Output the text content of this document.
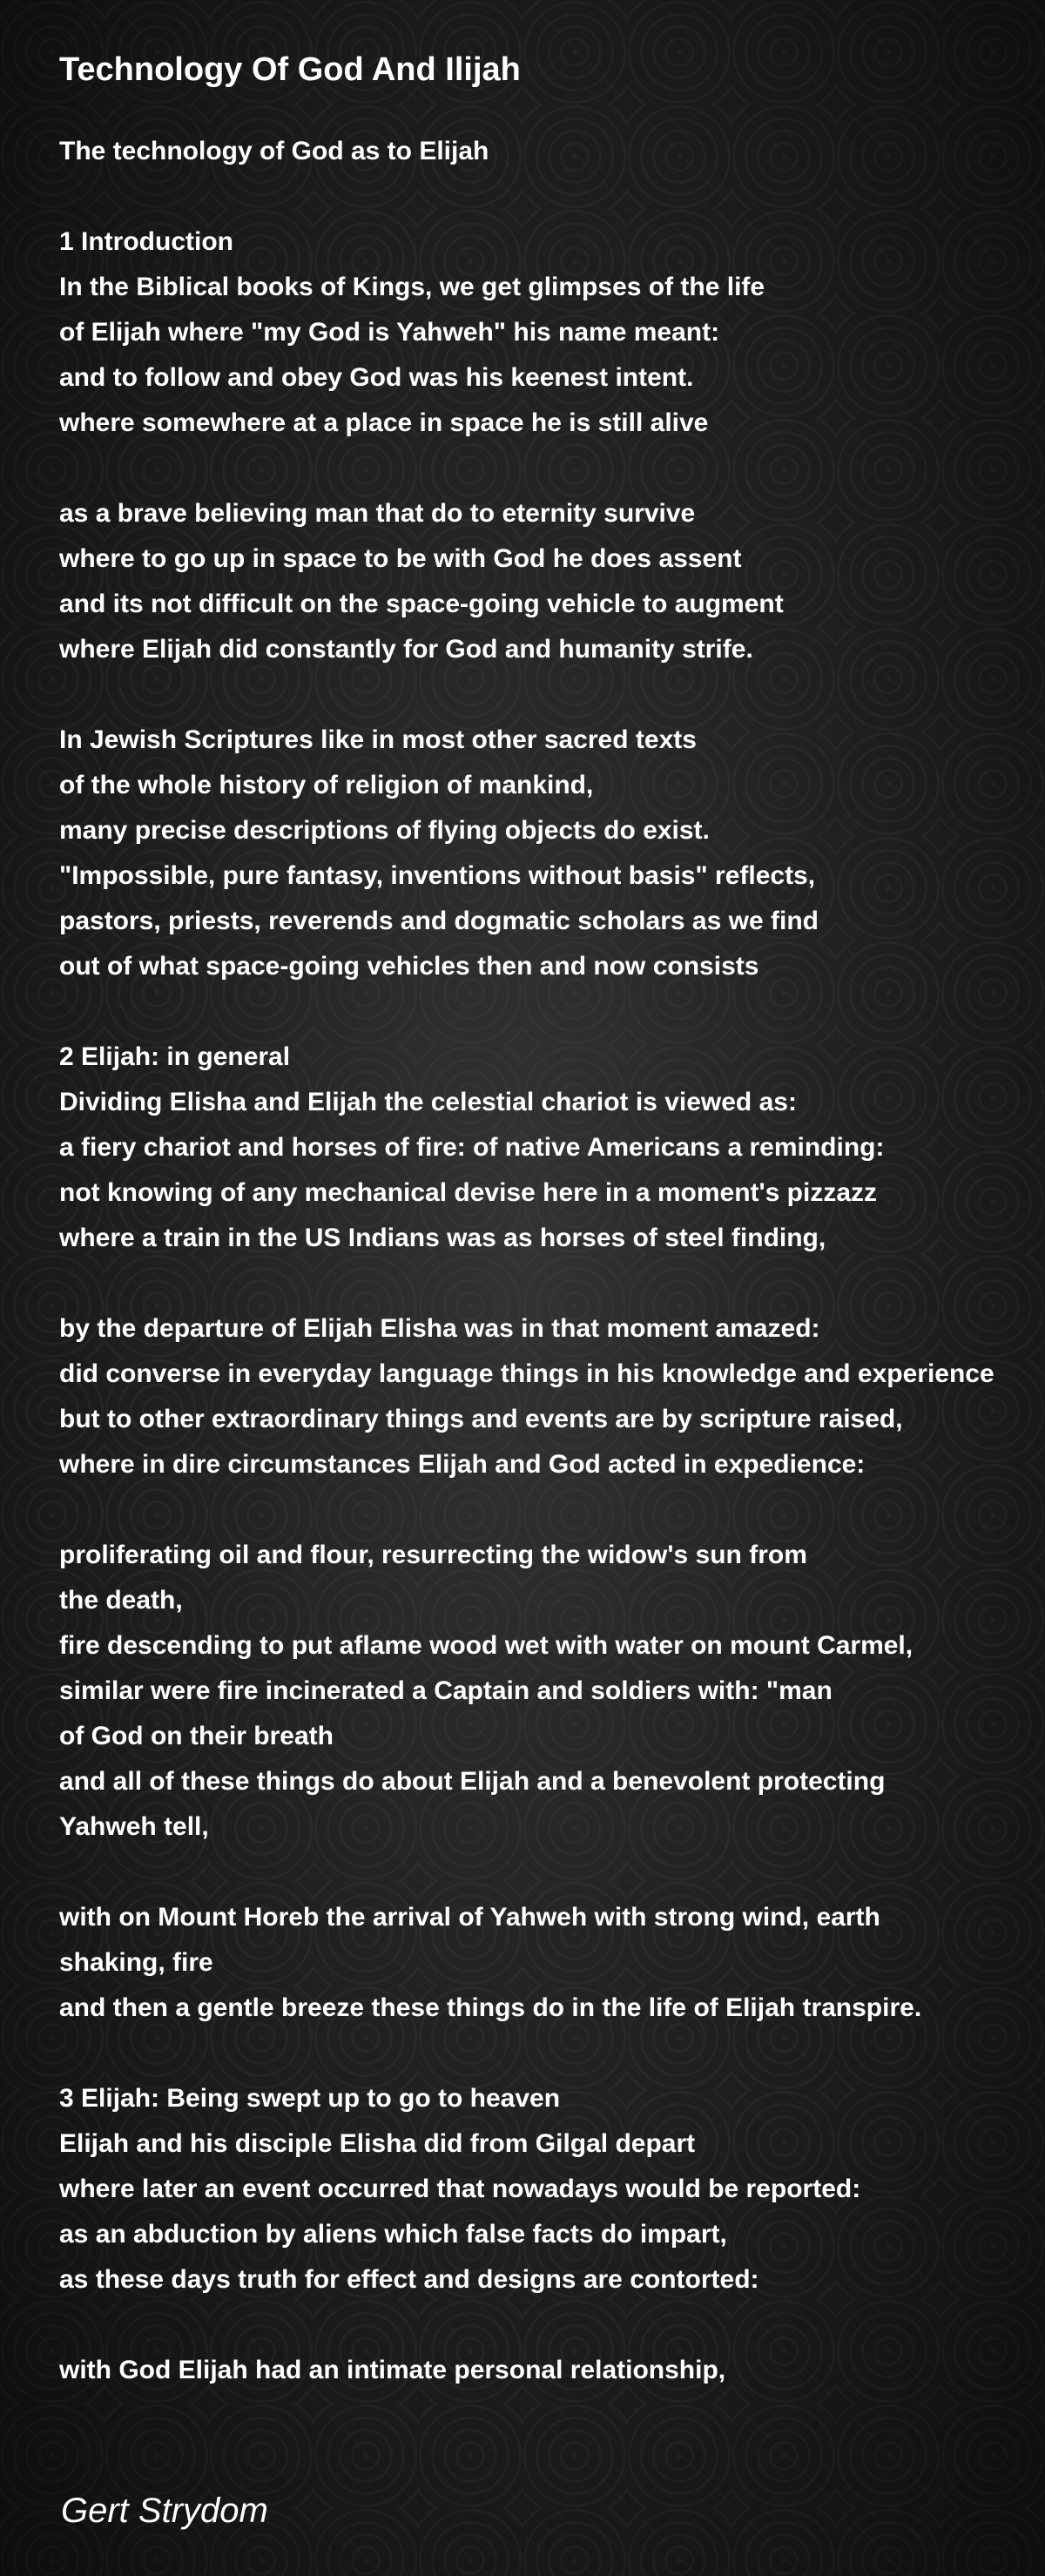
Technology Of God And Ilijah
The technology of God as to Elijah
1 Introduction
In the Biblical books of Kings, we get glimpses of the life
of Elijah where "my God is Yahweh" his name meant:
and to follow and obey God was his keenest intent.
where somewhere at a place in space he is still alive
as a brave believing man that do to eternity survive
where to go up in space to be with God he does assent
and its not difficult on the space-going vehicle to augment
where Elijah did constantly for God and humanity strife.
In Jewish Scriptures like in most other sacred texts
of the whole history of religion of mankind,
many precise descriptions of flying objects do exist.
"Impossible, pure fantasy, inventions without basis" reflects,
pastors, priests, reverends and dogmatic scholars as we find
out of what space-going vehicles then and now consists
2 Elijah: in general
Dividing Elisha and Elijah the celestial chariot is viewed as:
a fiery chariot and horses of fire: of native Americans a reminding:
not knowing of any mechanical devise here in a moment's pizzazz
where a train in the US Indians was as horses of steel finding,
by the departure of Elijah Elisha was in that moment amazed:
did converse in everyday language things in his knowledge and experience
but to other extraordinary things and events are by scripture raised,
where in dire circumstances Elijah and God acted in expedience:
proliferating oil and flour, resurrecting the widow's sun from
the death,
fire descending to put aflame wood wet with water on mount Carmel,
similar were fire incinerated a Captain and soldiers with: "man
of God on their breath
and all of these things do about Elijah and a benevolent protecting
Yahweh tell,
with on Mount Horeb the arrival of Yahweh with strong wind, earth
shaking, fire
and then a gentle breeze these things do in the life of Elijah transpire.
3 Elijah: Being swept up to go to heaven
Elijah and his disciple Elisha did from Gilgal depart
where later an event occurred that nowadays would be reported:
as an abduction by aliens which false facts do impart,
as these days truth for effect and designs are contorted:
with God Elijah had an intimate personal relationship,
Gert Strydom
